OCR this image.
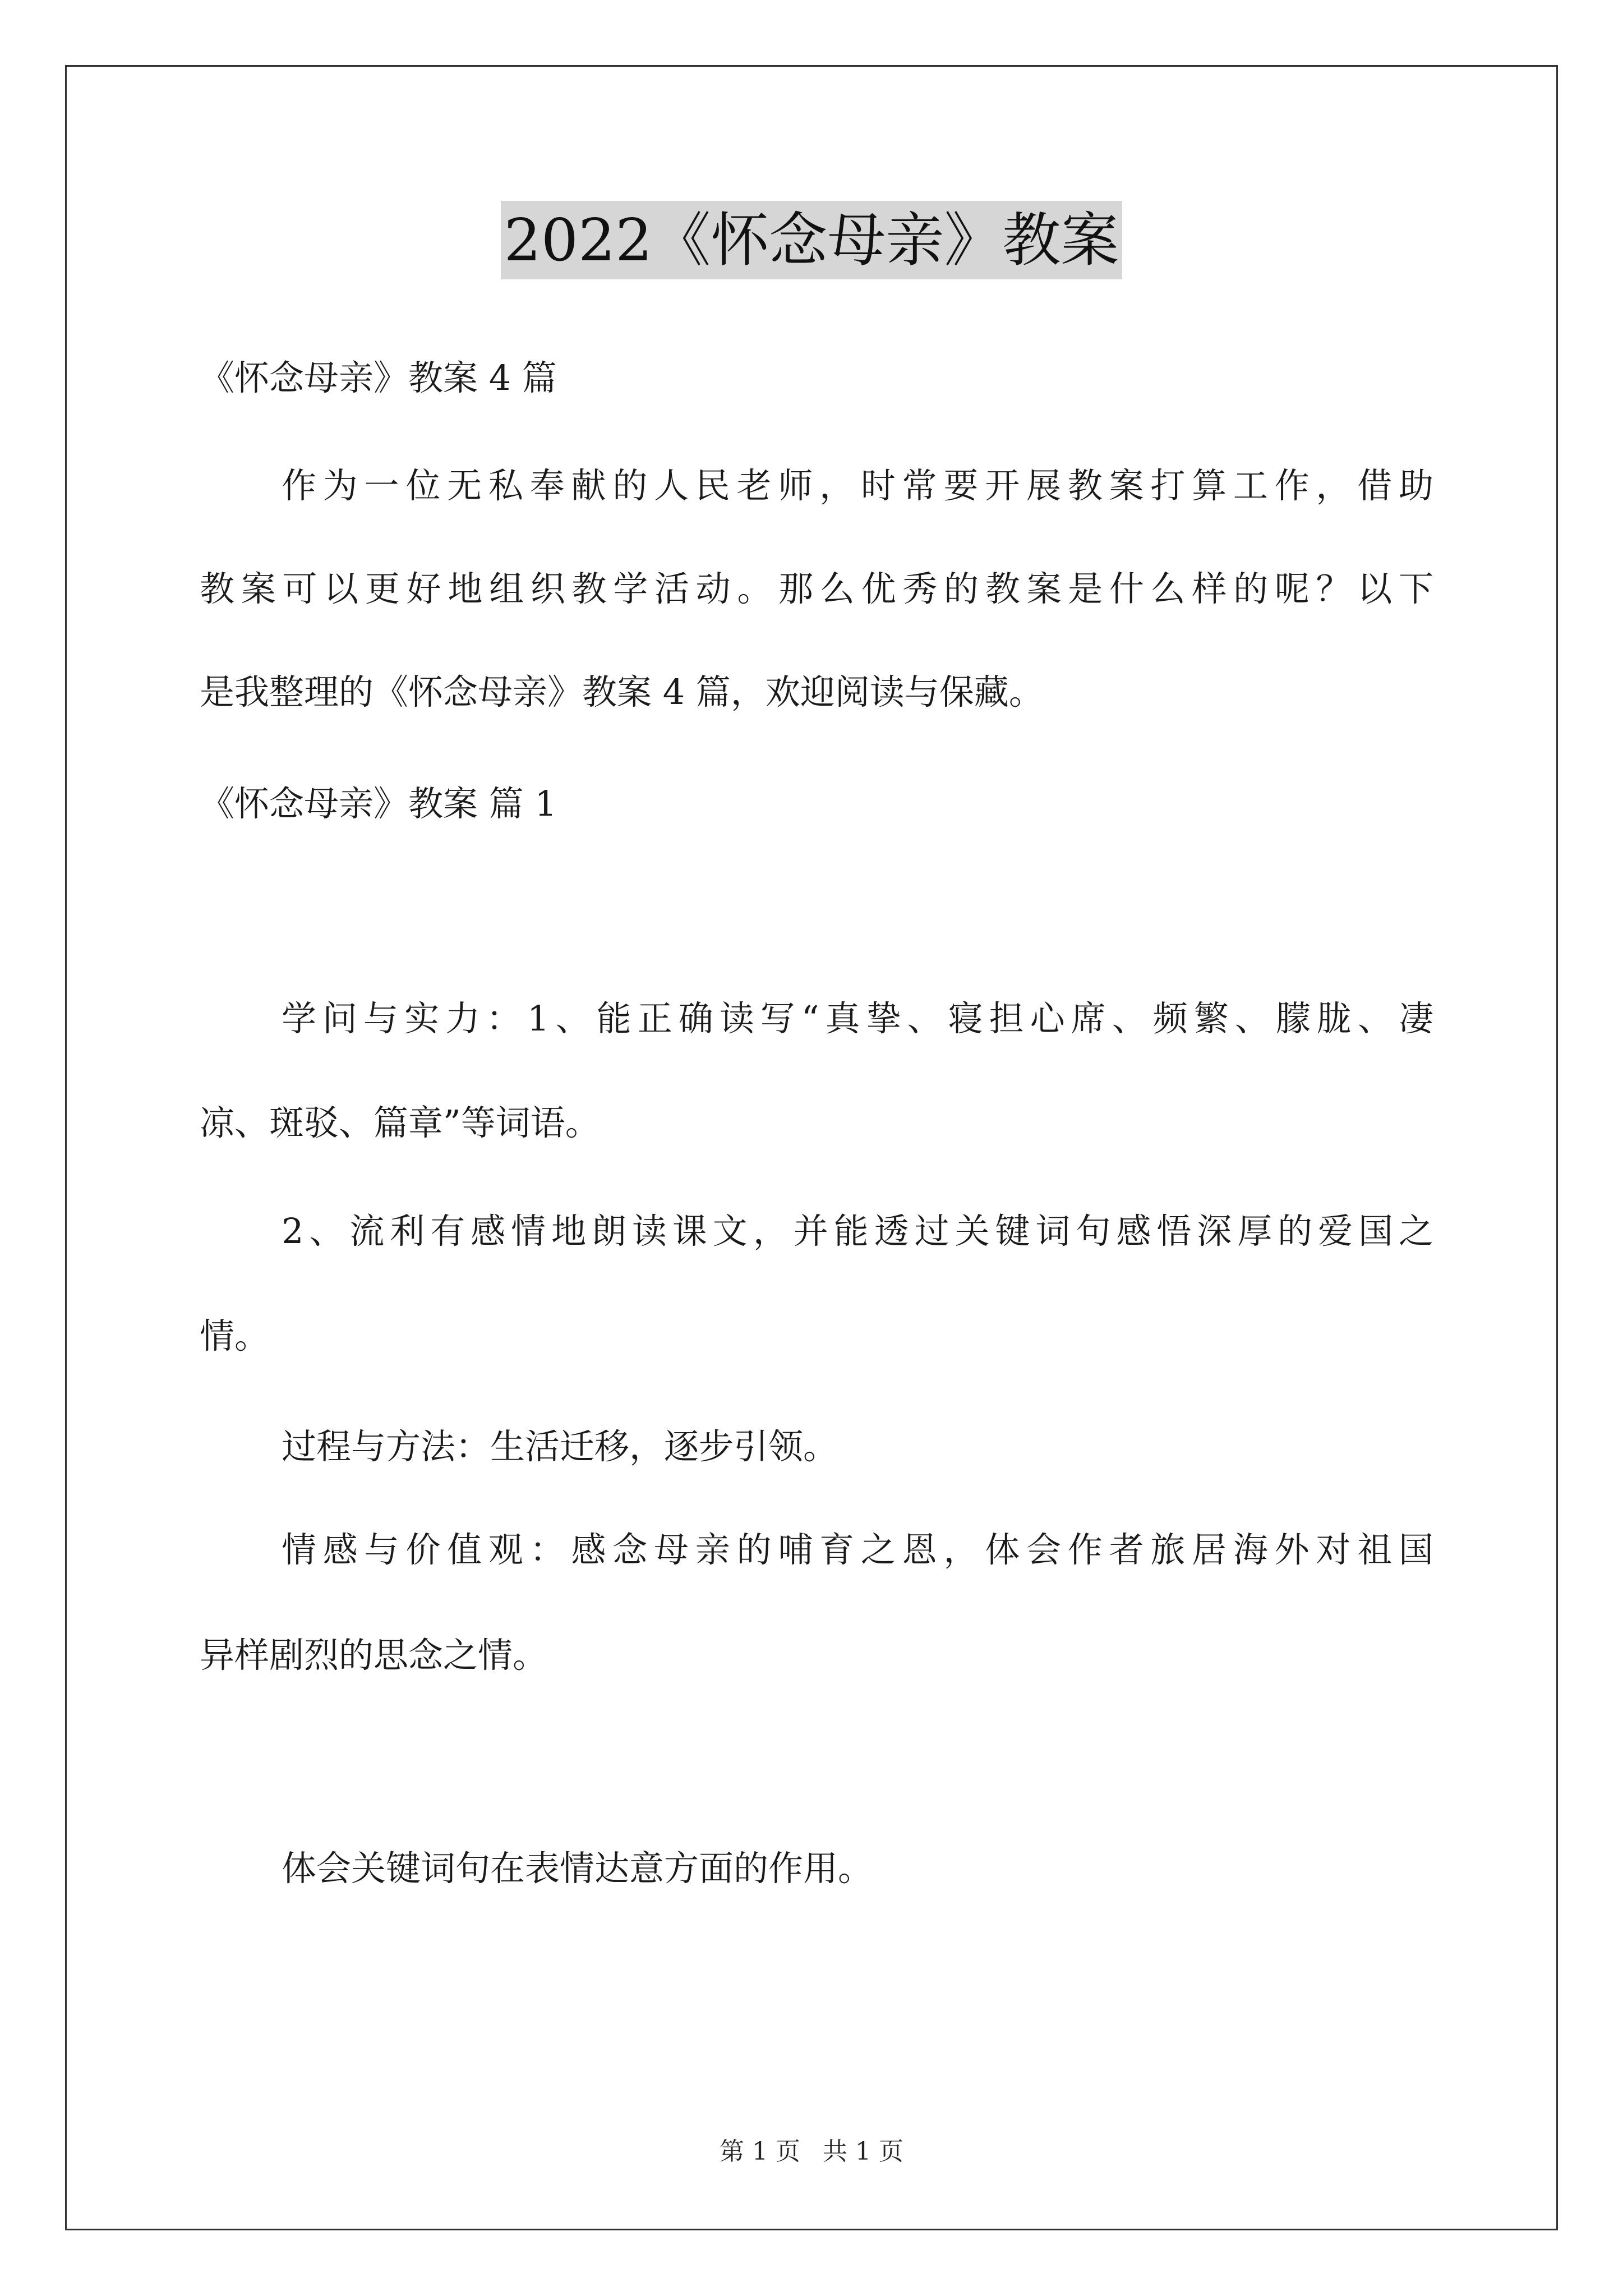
2022《怀念母亲》教案
《怀念母亲》教案 4 篇
作为一位无私奉献的人民老师，时常要开展教案打算工作，借助
教案可以更好地组织教学活动。那么优秀的教案是什么样的呢？以下
是我整理的《怀念母亲》教案 4 篇，欢迎阅读与保藏。
《怀念母亲》教案 篇 1
学问与实力：1、能正确读写“真挚、寝担心席、频繁、朦胧、凄
凉、斑驳、篇章”等词语。
2、流利有感情地朗读课文，并能透过关键词句感悟深厚的爱国之
情。
过程与方法：生活迁移，逐步引领。
情感与价值观：感念母亲的哺育之恩，体会作者旅居海外对祖国
异样剧烈的思念之情。
体会关键词句在表情达意方面的作用。
第 1 页 共 1 页
